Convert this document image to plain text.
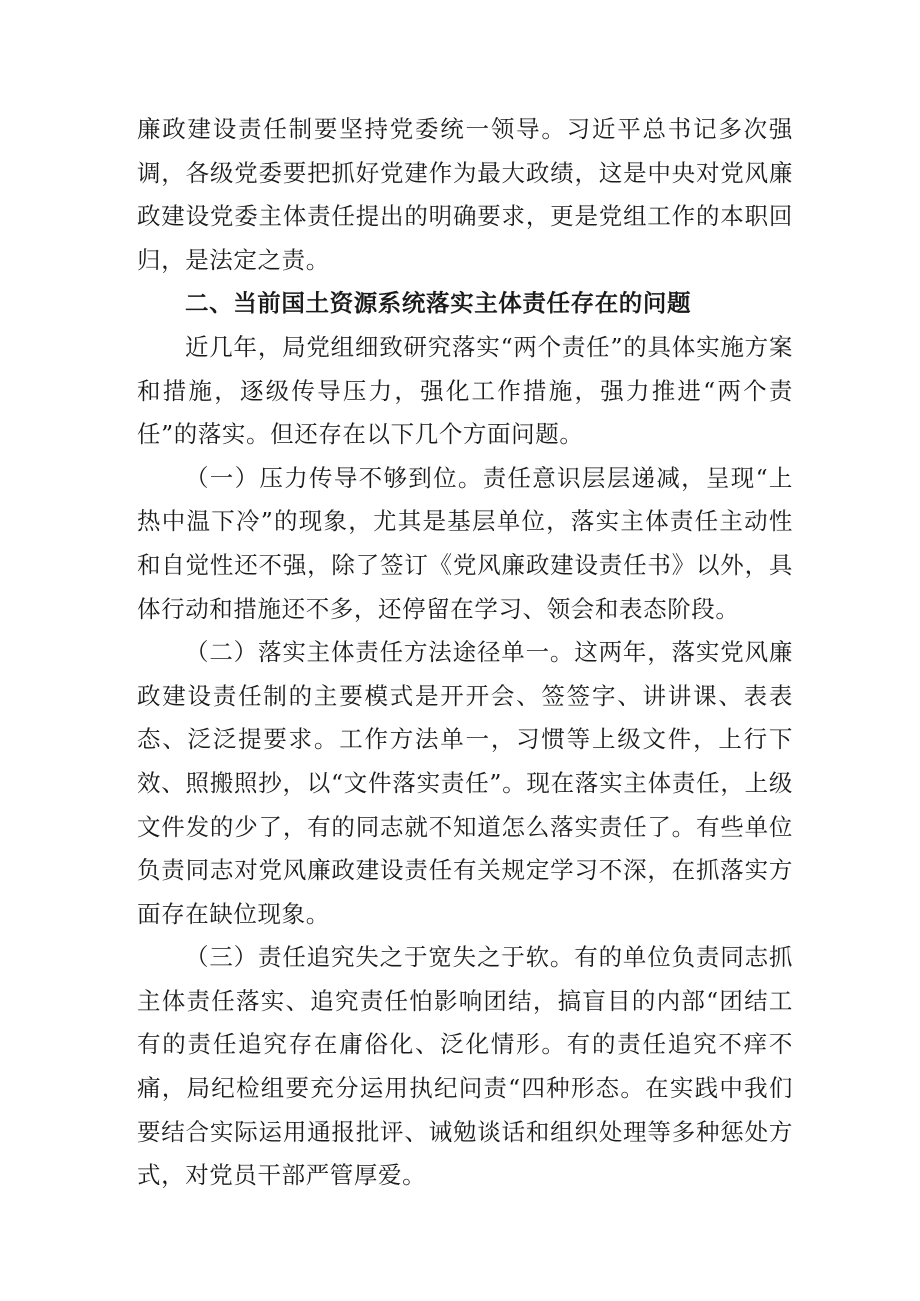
廉政建设责任制要坚持党委统一领导。习近平总书记多次强调，各级党委要把抓好党建作为最大政绩，这是中央对党风廉政建设党委主体责任提出的明确要求，更是党组工作的本职回归，是法定之责。

二、当前国土资源系统落实主体责任存在的问题

近几年，局党组细致研究落实“两个责任”的具体实施方案和措施，逐级传导压力，强化工作措施，强力推进“两个责任”的落实。但还存在以下几个方面问题。

（一）压力传导不够到位。责任意识层层递减，呈现“上热中温下冷”的现象，尤其是基层单位，落实主体责任主动性和自觉性还不强，除了签订《党风廉政建设责任书》以外，具体行动和措施还不多，还停留在学习、领会和表态阶段。

（二）落实主体责任方法途径单一。这两年，落实党风廉政建设责任制的主要模式是开开会、签签字、讲讲课、表表态、泛泛提要求。工作方法单一，习惯等上级文件，上行下效、照搬照抄，以“文件落实责任”。现在落实主体责任，上级文件发的少了，有的同志就不知道怎么落实责任了。有些单位负责同志对党风廉政建设责任有关规定学习不深，在抓落实方面存在缺位现象。

（三）责任追究失之于宽失之于软。有的单位负责同志抓主体责任落实、追究责任怕影响团结，搞盲目的内部“团结工有的责任追究存在庸俗化、泛化情形。有的责任追究不痒不痛，局纪检组要充分运用执纪问责“四种形态。在实践中我们要结合实际运用通报批评、诫勉谈话和组织处理等多种惩处方式，对党员干部严管厚爱。
